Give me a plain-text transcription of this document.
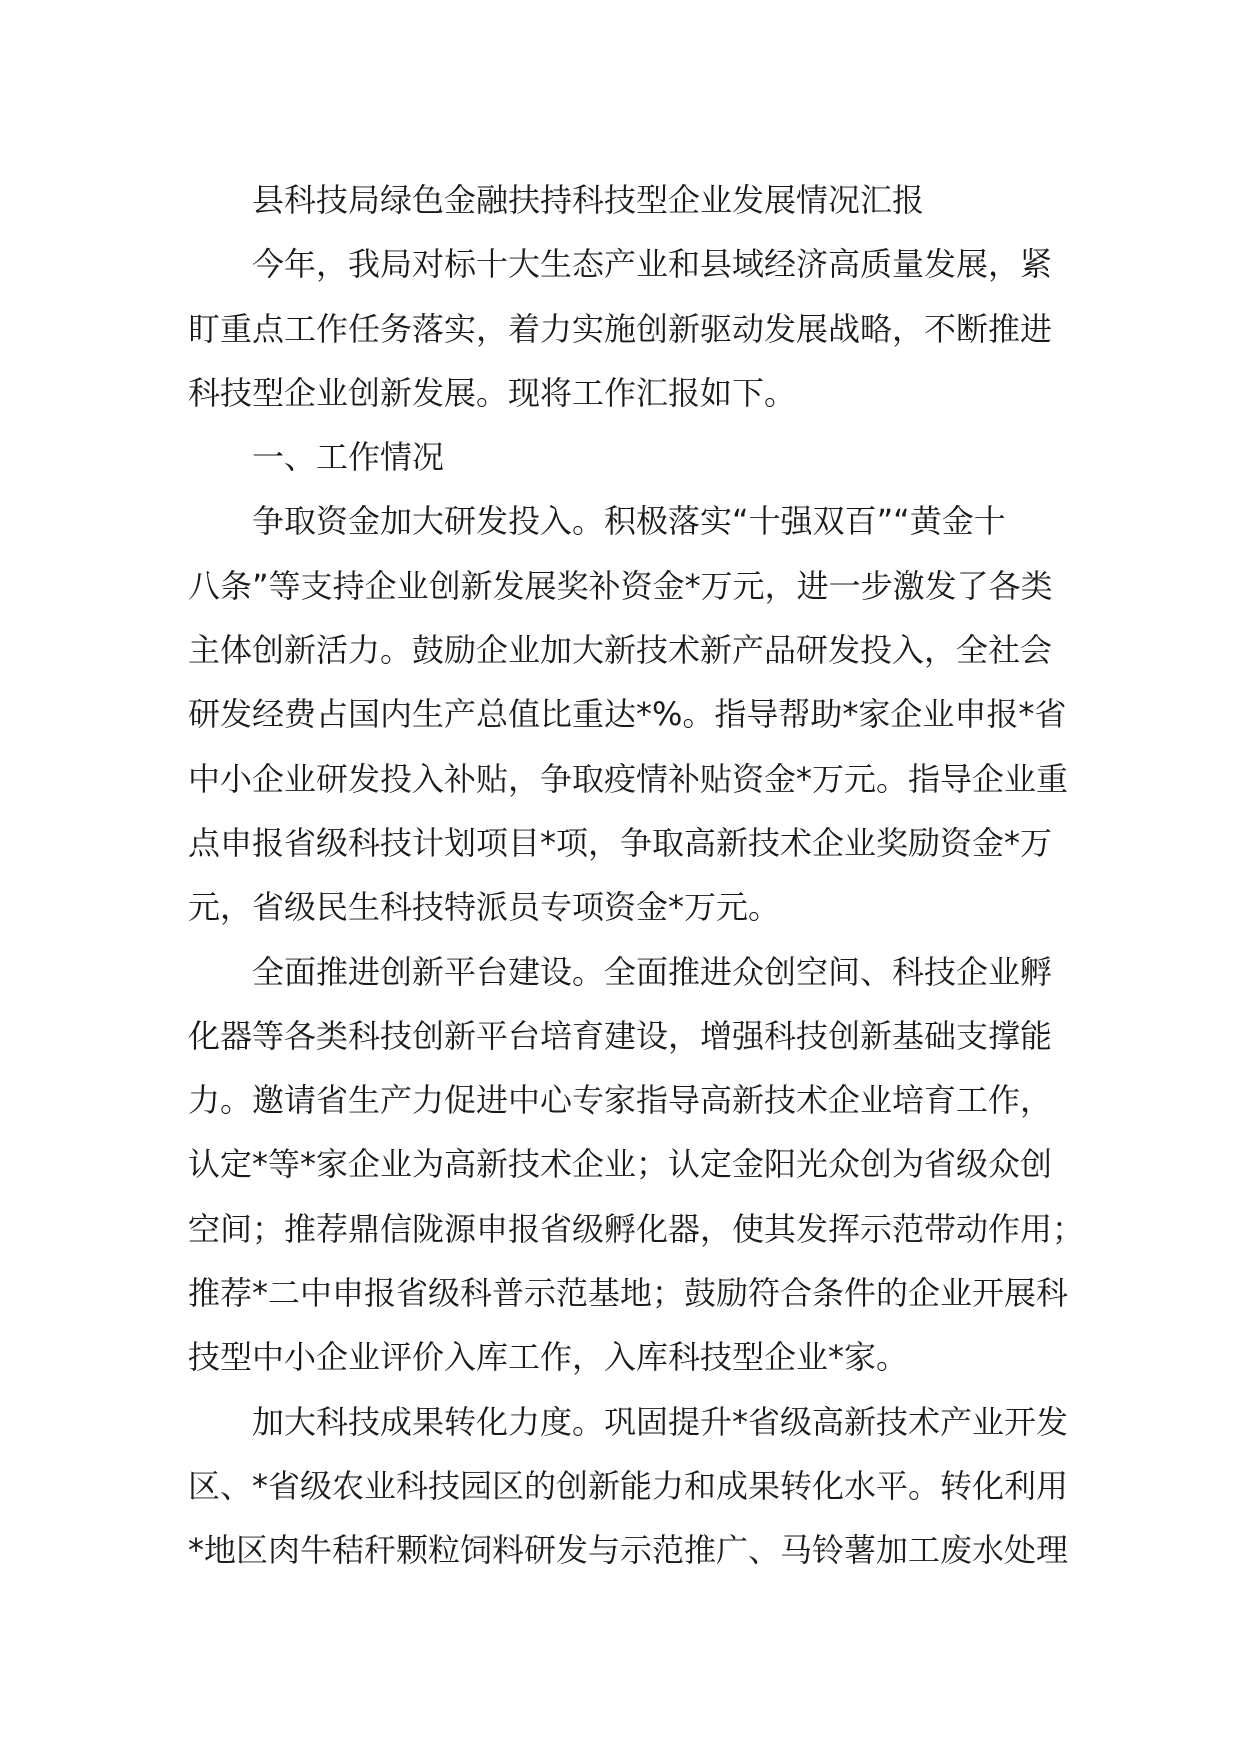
县科技局绿色金融扶持科技型企业发展情况汇报
今年，我局对标十大生态产业和县域经济高质量发展，紧
盯重点工作任务落实，着力实施创新驱动发展战略，不断推进
科技型企业创新发展。现将工作汇报如下。
一、工作情况
争取资金加大研发投入。积极落实“十强双百”“黄金十
八条”等支持企业创新发展奖补资金*万元，进一步激发了各类
主体创新活力。鼓励企业加大新技术新产品研发投入，全社会
研发经费占国内生产总值比重达*%。指导帮助*家企业申报*省
中小企业研发投入补贴，争取疫情补贴资金*万元。指导企业重
点申报省级科技计划项目*项，争取高新技术企业奖励资金*万
元，省级民生科技特派员专项资金*万元。
全面推进创新平台建设。全面推进众创空间、科技企业孵
化器等各类科技创新平台培育建设，增强科技创新基础支撑能
力。邀请省生产力促进中心专家指导高新技术企业培育工作，
认定*等*家企业为高新技术企业；认定金阳光众创为省级众创
空间；推荐鼎信陇源申报省级孵化器，使其发挥示范带动作用；
推荐*二中申报省级科普示范基地；鼓励符合条件的企业开展科
技型中小企业评价入库工作，入库科技型企业*家。
加大科技成果转化力度。巩固提升*省级高新技术产业开发
区、*省级农业科技园区的创新能力和成果转化水平。转化利用
*地区肉牛秸秆颗粒饲料研发与示范推广、马铃薯加工废水处理
